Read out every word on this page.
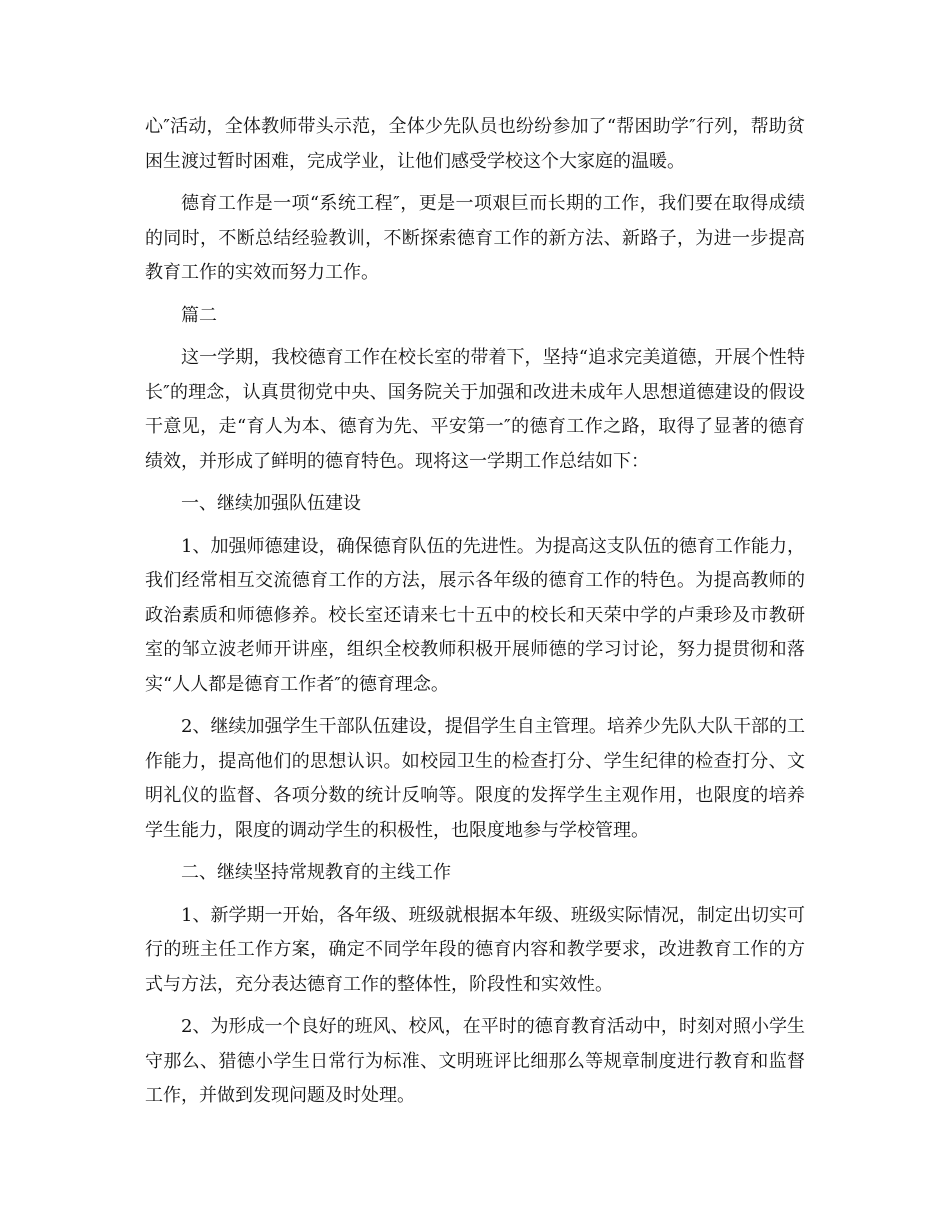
心″活动，全体教师带头示范，全体少先队员也纷纷参加了“帮困助学″行列，帮助贫困生渡过暂时困难，完成学业，让他们感受学校这个大家庭的温暖。

德育工作是一项“系统工程″，更是一项艰巨而长期的工作，我们要在取得成绩的同时，不断总结经验教训，不断探索德育工作的新方法、新路子，为进一步提高教育工作的实效而努力工作。

篇二

这一学期，我校德育工作在校长室的带着下，坚持“追求完美道德，开展个性特长″的理念，认真贯彻党中央、国务院关于加强和改进未成年人思想道德建设的假设干意见，走“育人为本、德育为先、平安第一″的德育工作之路，取得了显著的德育绩效，并形成了鲜明的德育特色。现将这一学期工作总结如下：

一、继续加强队伍建设

1、加强师德建设，确保德育队伍的先进性。为提高这支队伍的德育工作能力，我们经常相互交流德育工作的方法，展示各年级的德育工作的特色。为提高教师的政治素质和师德修养。校长室还请来七十五中的校长和天荣中学的卢秉珍及市教研室的邹立波老师开讲座，组织全校教师积极开展师德的学习讨论，努力提贯彻和落实“人人都是德育工作者″的德育理念。

2、继续加强学生干部队伍建设，提倡学生自主管理。培养少先队大队干部的工作能力，提高他们的思想认识。如校园卫生的检查打分、学生纪律的检查打分、文明礼仪的监督、各项分数的统计反响等。限度的发挥学生主观作用，也限度的培养学生能力，限度的调动学生的积极性，也限度地参与学校管理。

二、继续坚持常规教育的主线工作

1、新学期一开始，各年级、班级就根据本年级、班级实际情况，制定出切实可行的班主任工作方案，确定不同学年段的德育内容和教学要求，改进教育工作的方式与方法，充分表达德育工作的整体性，阶段性和实效性。

2、为形成一个良好的班风、校风，在平时的德育教育活动中，时刻对照小学生守那么、猎德小学生日常行为标准、文明班评比细那么等规章制度进行教育和监督工作，并做到发现问题及时处理。
